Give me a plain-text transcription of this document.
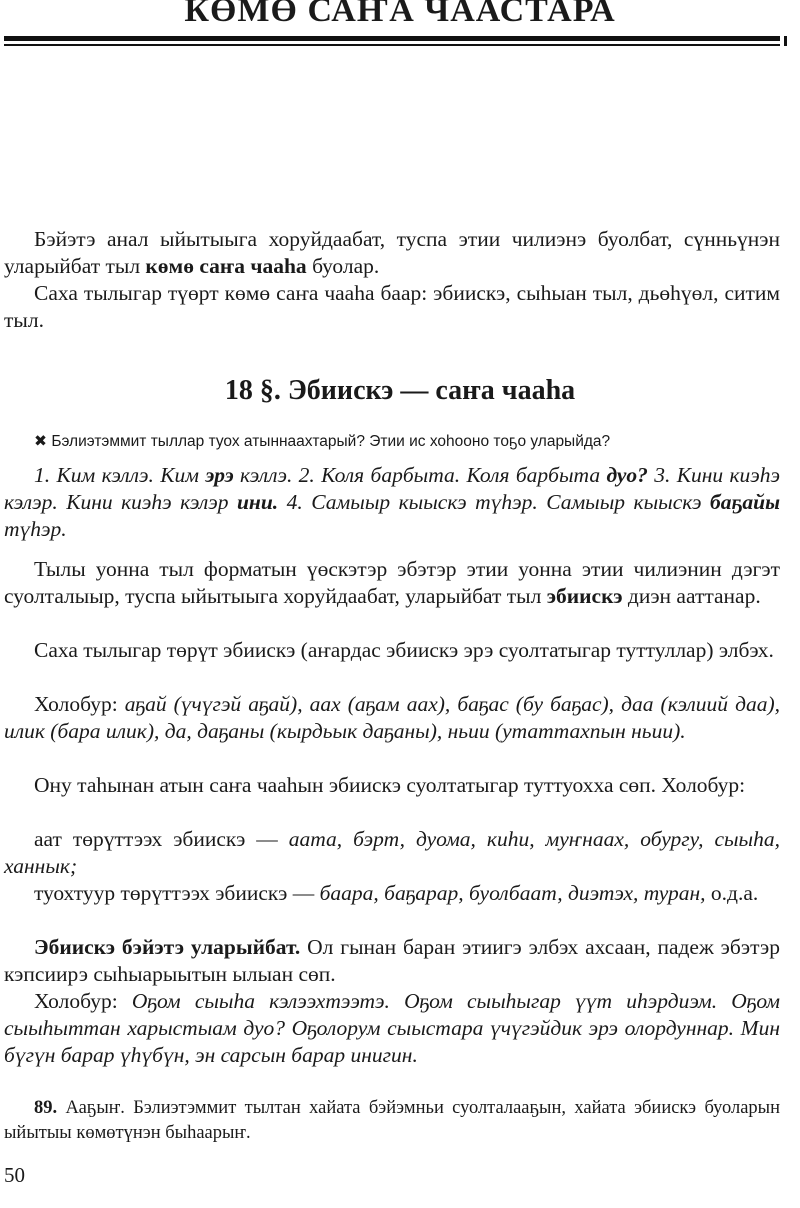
КӨМӨ САҤА ЧААСТАРА
Бэйэтэ анал ыйытыыга хоруйдаабат, туспа этии чилиэнэ буолбат, сүнньүнэн уларыйбат тыл көмө саҥа чааһа буолар.
Саха тылыгар түөрт көмө саҥа чааһа баар: эбиискэ, сыһыан тыл, дьөһүөл, ситим тыл.
18 §. Эбиискэ — саҥа чааһа
✖ Бэлиэтэммит тыллар туох атыннаахтарый? Этии ис хоһооно тоҕо уларыйда?
1. Ким кэллэ. Ким эрэ кэллэ. 2. Коля барбыта. Коля барбыта дуо? 3. Кини киэһэ кэлэр. Кини киэһэ кэлэр ини. 4. Самыыр кыыскэ түһэр. Самыыр кыыскэ баҕайы түһэр.
Тылы уонна тыл форматын үөскэтэр эбэтэр этии уонна этии чилиэнин дэгэт суолталыыр, туспа ыйытыыга хоруйдаабат, уларыйбат тыл эбиискэ диэн ааттанар.
Саха тылыгар төрүт эбиискэ (аҥардас эбиискэ эрэ суолтатыгар туттуллар) элбэх.
Холобур: аҕай (үчүгэй аҕай), аах (аҕам аах), баҕас (бу баҕас), даа (кэлиий даа), илик (бара илик), да, даҕаны (кырдьык даҕаны), ньии (утаттахпын ньии).
Ону таһынан атын саҥа чааһын эбиискэ суолтатыгар туттуохха сөп. Холобур:
аат төрүттээх эбиискэ — аата, бэрт, дуома, киһи, муҥнаах, обургу, сыыһа, ханнык;
туохтуур төрүттээх эбиискэ — баара, баҕарар, буолбаат, диэтэх, туран, о.д.а.
Эбиискэ бэйэтэ уларыйбат. Ол гынан баран этиигэ элбэх ахсаан, падеж эбэтэр кэпсиирэ сыһыарыытын ылыан сөп.
Холобур: Оҕом сыыһа кэлээхтээтэ. Оҕом сыыһыгар үүт иһэрдиэм. Оҕом сыыһыттан харыстыам дуо? Оҕолорум сыыстара үчүгэйдик эрэ олордуннар. Мин бүгүн барар үһүбүн, эн сарсын барар инигин.
89. Ааҕыҥ. Бэлиэтэммит тылтан хайата бэйэмньи суолталааҕын, хайата эбиискэ буоларын ыйытыы көмөтүнэн быһаарыҥ.
50
